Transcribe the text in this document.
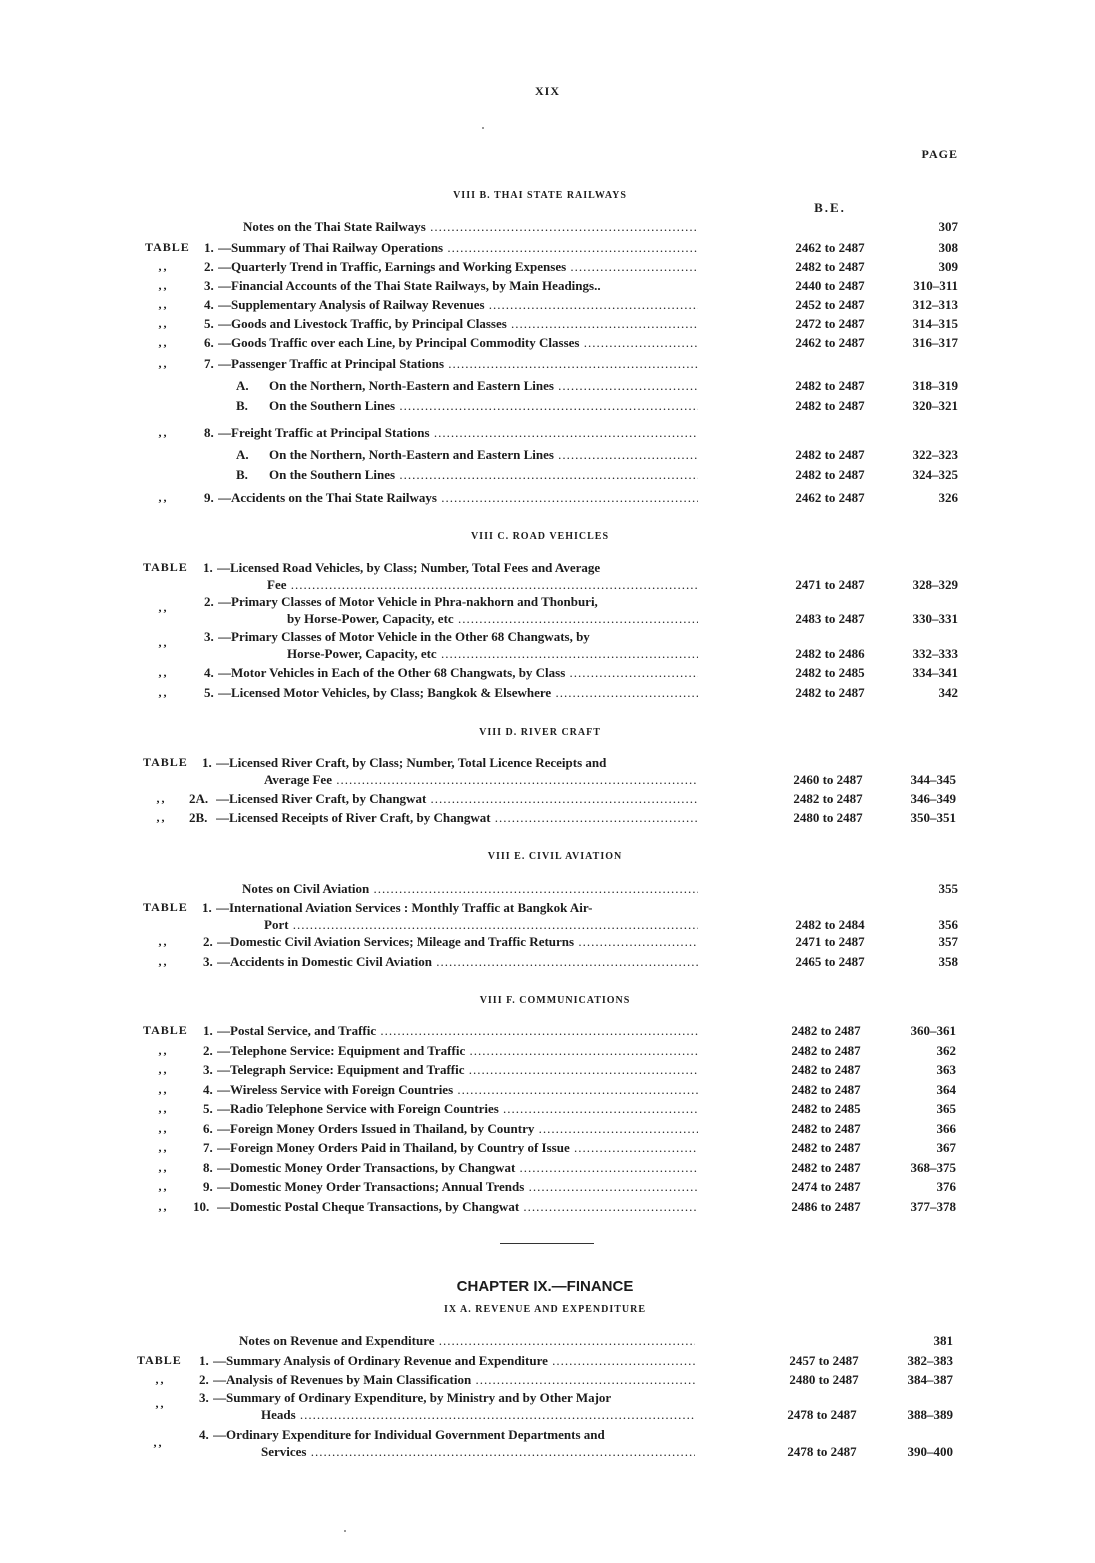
XIX
PAGE
B.E.
VIII B. THAI STATE RAILWAYS
VIII C. ROAD VEHICLES
VIII D. RIVER CRAFT
VIII E. CIVIL AVIATION
VIII F. COMMUNICATIONS
CHAPTER IX.—FINANCE
IX A. REVENUE AND EXPENDITURE
Notes on the Thai State Railways .....	307
TABLE 1. —Summary of Thai Railway Operations .....	2462 to 2487	308
‚‚	2. —Quarterly Trend in Traffic, Earnings and Working Expenses .....	2482 to 2487	309
‚‚	3. —Financial Accounts of the Thai State Railways, by Main Headings..	2440 to 2487	310–311
‚‚	4. —Supplementary Analysis of Railway Revenues .....	2452 to 2487	312–313
‚‚	5. —Goods and Livestock Traffic, by Principal Classes .....	2472 to 2487	314–315
‚‚	6. —Goods Traffic over each Line, by Principal Commodity Classes .....	2462 to 2487	316–317
‚‚	7. —Passenger Traffic at Principal Stations .....
A. On the Northern, North-Eastern and Eastern Lines .....	2482 to 2487	318–319
B. On the Southern Lines .....	2482 to 2487	320–321
‚‚	8. —Freight Traffic at Principal Stations .....
A. On the Northern, North-Eastern and Eastern Lines .....	2482 to 2487	322–323
B. On the Southern Lines .....	2482 to 2487	324–325
‚‚	9. —Accidents on the Thai State Railways .....	2462 to 2487	326
TABLE 1. —Licensed Road Vehicles, by Class; Number, Total Fees and Average
Fee .....	2471 to 2487	328–329
‚‚	2. —Primary Classes of Motor Vehicle in Phra-nakhorn and Thonburi,
by Horse-Power, Capacity, etc .....	2483 to 2487	330–331
‚‚	3. —Primary Classes of Motor Vehicle in the Other 68 Changwats, by
Horse-Power, Capacity, etc .....	2482 to 2486	332–333
‚‚	4. —Motor Vehicles in Each of the Other 68 Changwats, by Class .....	2482 to 2485	334–341
‚‚	5. —Licensed Motor Vehicles, by Class; Bangkok & Elsewhere .....	2482 to 2487	342
TABLE 1. —Licensed River Craft, by Class; Number, Total Licence Receipts and
Average Fee .....	2460 to 2487	344–345
‚‚ 2A. —Licensed River Craft, by Changwat .....	2482 to 2487	346–349
‚‚ 2B. —Licensed Receipts of River Craft, by Changwat .....	2480 to 2487	350–351
Notes on Civil Aviation .....	355
TABLE 1. —International Aviation Services : Monthly Traffic at Bangkok Air-
Port .....	2482 to 2484	356
‚‚	2. —Domestic Civil Aviation Services; Mileage and Traffic Returns .....	2471 to 2487	357
‚‚	3. —Accidents in Domestic Civil Aviation .....	2465 to 2487	358
TABLE 1. —Postal Service, and Traffic .....	2482 to 2487	360–361
‚‚	2. —Telephone Service: Equipment and Traffic .....	2482 to 2487	362
‚‚	3. —Telegraph Service: Equipment and Traffic .....	2482 to 2487	363
‚‚	4. —Wireless Service with Foreign Countries .....	2482 to 2487	364
‚‚	5. —Radio Telephone Service with Foreign Countries .....	2482 to 2485	365
‚‚	6. —Foreign Money Orders Issued in Thailand, by Country .....	2482 to 2487	366
‚‚	7. —Foreign Money Orders Paid in Thailand, by Country of Issue .....	2482 to 2487	367
‚‚	8. —Domestic Money Order Transactions, by Changwat .....	2482 to 2487	368–375
‚‚	9. —Domestic Money Order Transactions; Annual Trends .....	2474 to 2487	376
‚‚ 10. —Domestic Postal Cheque Transactions, by Changwat .....	2486 to 2487	377–378
Notes on Revenue and Expenditure .....	381
TABLE 1. —Summary Analysis of Ordinary Revenue and Expenditure .....	2457 to 2487	382–383
‚‚	2. —Analysis of Revenues by Main Classification .....	2480 to 2487	384–387
‚‚	3. —Summary of Ordinary Expenditure, by Ministry and by Other Major
Heads .....	2478 to 2487	388–389
‚‚	4. —Ordinary Expenditure for Individual Government Departments and
Services .....	2478 to 2487	390–400
